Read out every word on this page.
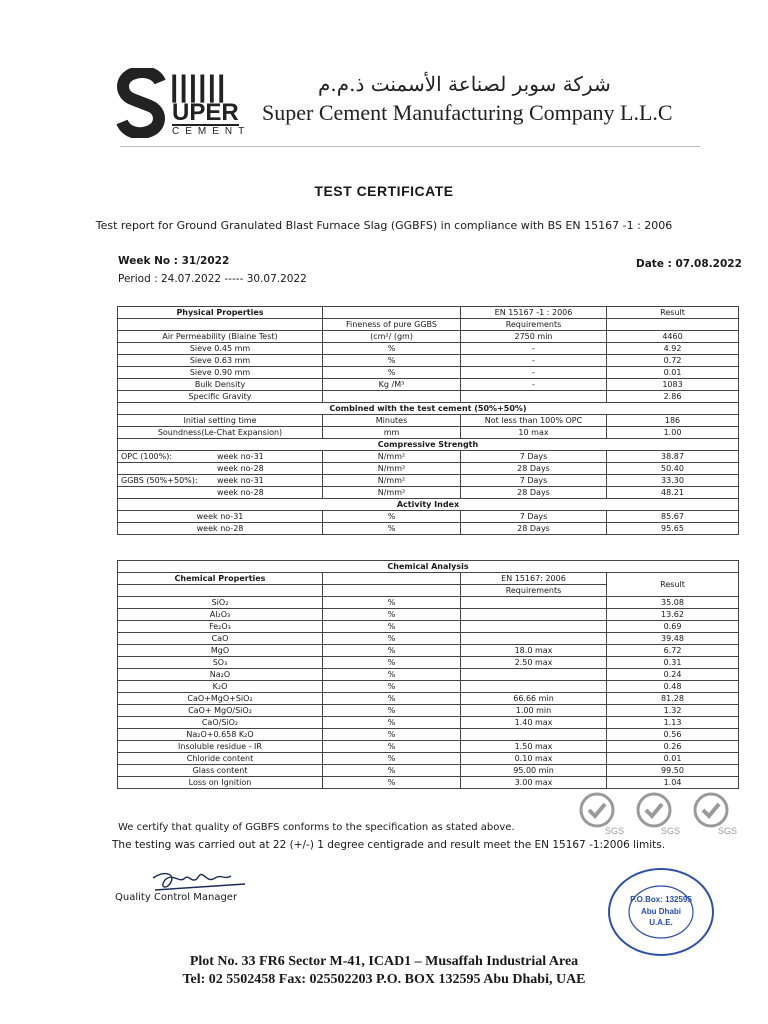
||||||
UPER
CEMENT
شركة سوبر لصناعة الأسمنت ذ.م.م
Super Cement Manufacturing Company L.L.C
TEST CERTIFICATE
Test report for Ground Granulated Blast Furnace Slag (GGBFS) in compliance with BS EN 15167 -1 : 2006
Week No : 31/2022
Period : 24.07.2022 ----- 30.07.2022
Date : 07.08.2022
Physical Properties		EN 15167 -1 : 2006	Result
	Fineness of pure GGBS	Requirements	
Air Permeability (Blaine Test)	(cm²/ (gm)	2750 min	4460
Sieve 0.45 mm	%	-	4.92
Sieve 0.63 mm	%	-	0.72
Sieve 0.90 mm	%	-	0.01
Bulk Density	Kg /M³	-	1083
Specific Gravity			2.86
Combined with the test cement (50%+50%)			
Initial setting time	Minutes	Not less than 100% OPC	186
Soundness(Le-Chat Expansion)	mm	10 max	1.00
Compressive Strength			
OPC (100%): week no-31	N/mm²	7 Days	38.87
week no-28	N/mm²	28 Days	50.40
GGBS (50%+50%): week no-31	N/mm²	7 Days	33.30
week no-28	N/mm²	28 Days	48.21
Activity Index			
week no-31	%	7 Days	85.67
week no-28	%	28 Days	95.65
Chemical Analysis			
Chemical Properties		EN 15167: 2006	Result
		Requirements	
SiO₂	%		35.08
Al₂O₃	%		13.62
Fe₂O₃	%		0.69
CaO	%		39.48
MgO	%	18.0 max	6.72
SO₃	%	2.50 max	0.31
Na₂O	%		0.24
K₂O	%		0.48
CaO+MgO+SiO₂	%	66.66 min	81.28
CaO+ MgO/SiO₂	%	1.00 min	1.32
CaO/SiO₂	%	1.40 max	1.13
Na₂O+0.658 K₂O	%		0.56
Insoluble residue - IR	%	1.50 max	0.26
Chloride content	%	0.10 max	0.01
Glass content	%	95.00 min	99.50
Loss on Ignition	%	3.00 max	1.04
SGS	SGS	SGS
We certify that quality of GGBFS conforms to the specification as stated above.
The testing was carried out at 22 (+/-) 1 degree centigrade and result meet the EN 15167 -1:2006 limits.
Quality Control Manager	P.O.Box: 132595
Abu Dhabi
U.A.E.
Plot No. 33 FR6 Sector M-41, ICAD1 – Musaffah Industrial Area
Tel: 02 5502458 Fax: 025502203 P.O. BOX 132595 Abu Dhabi, UAE
